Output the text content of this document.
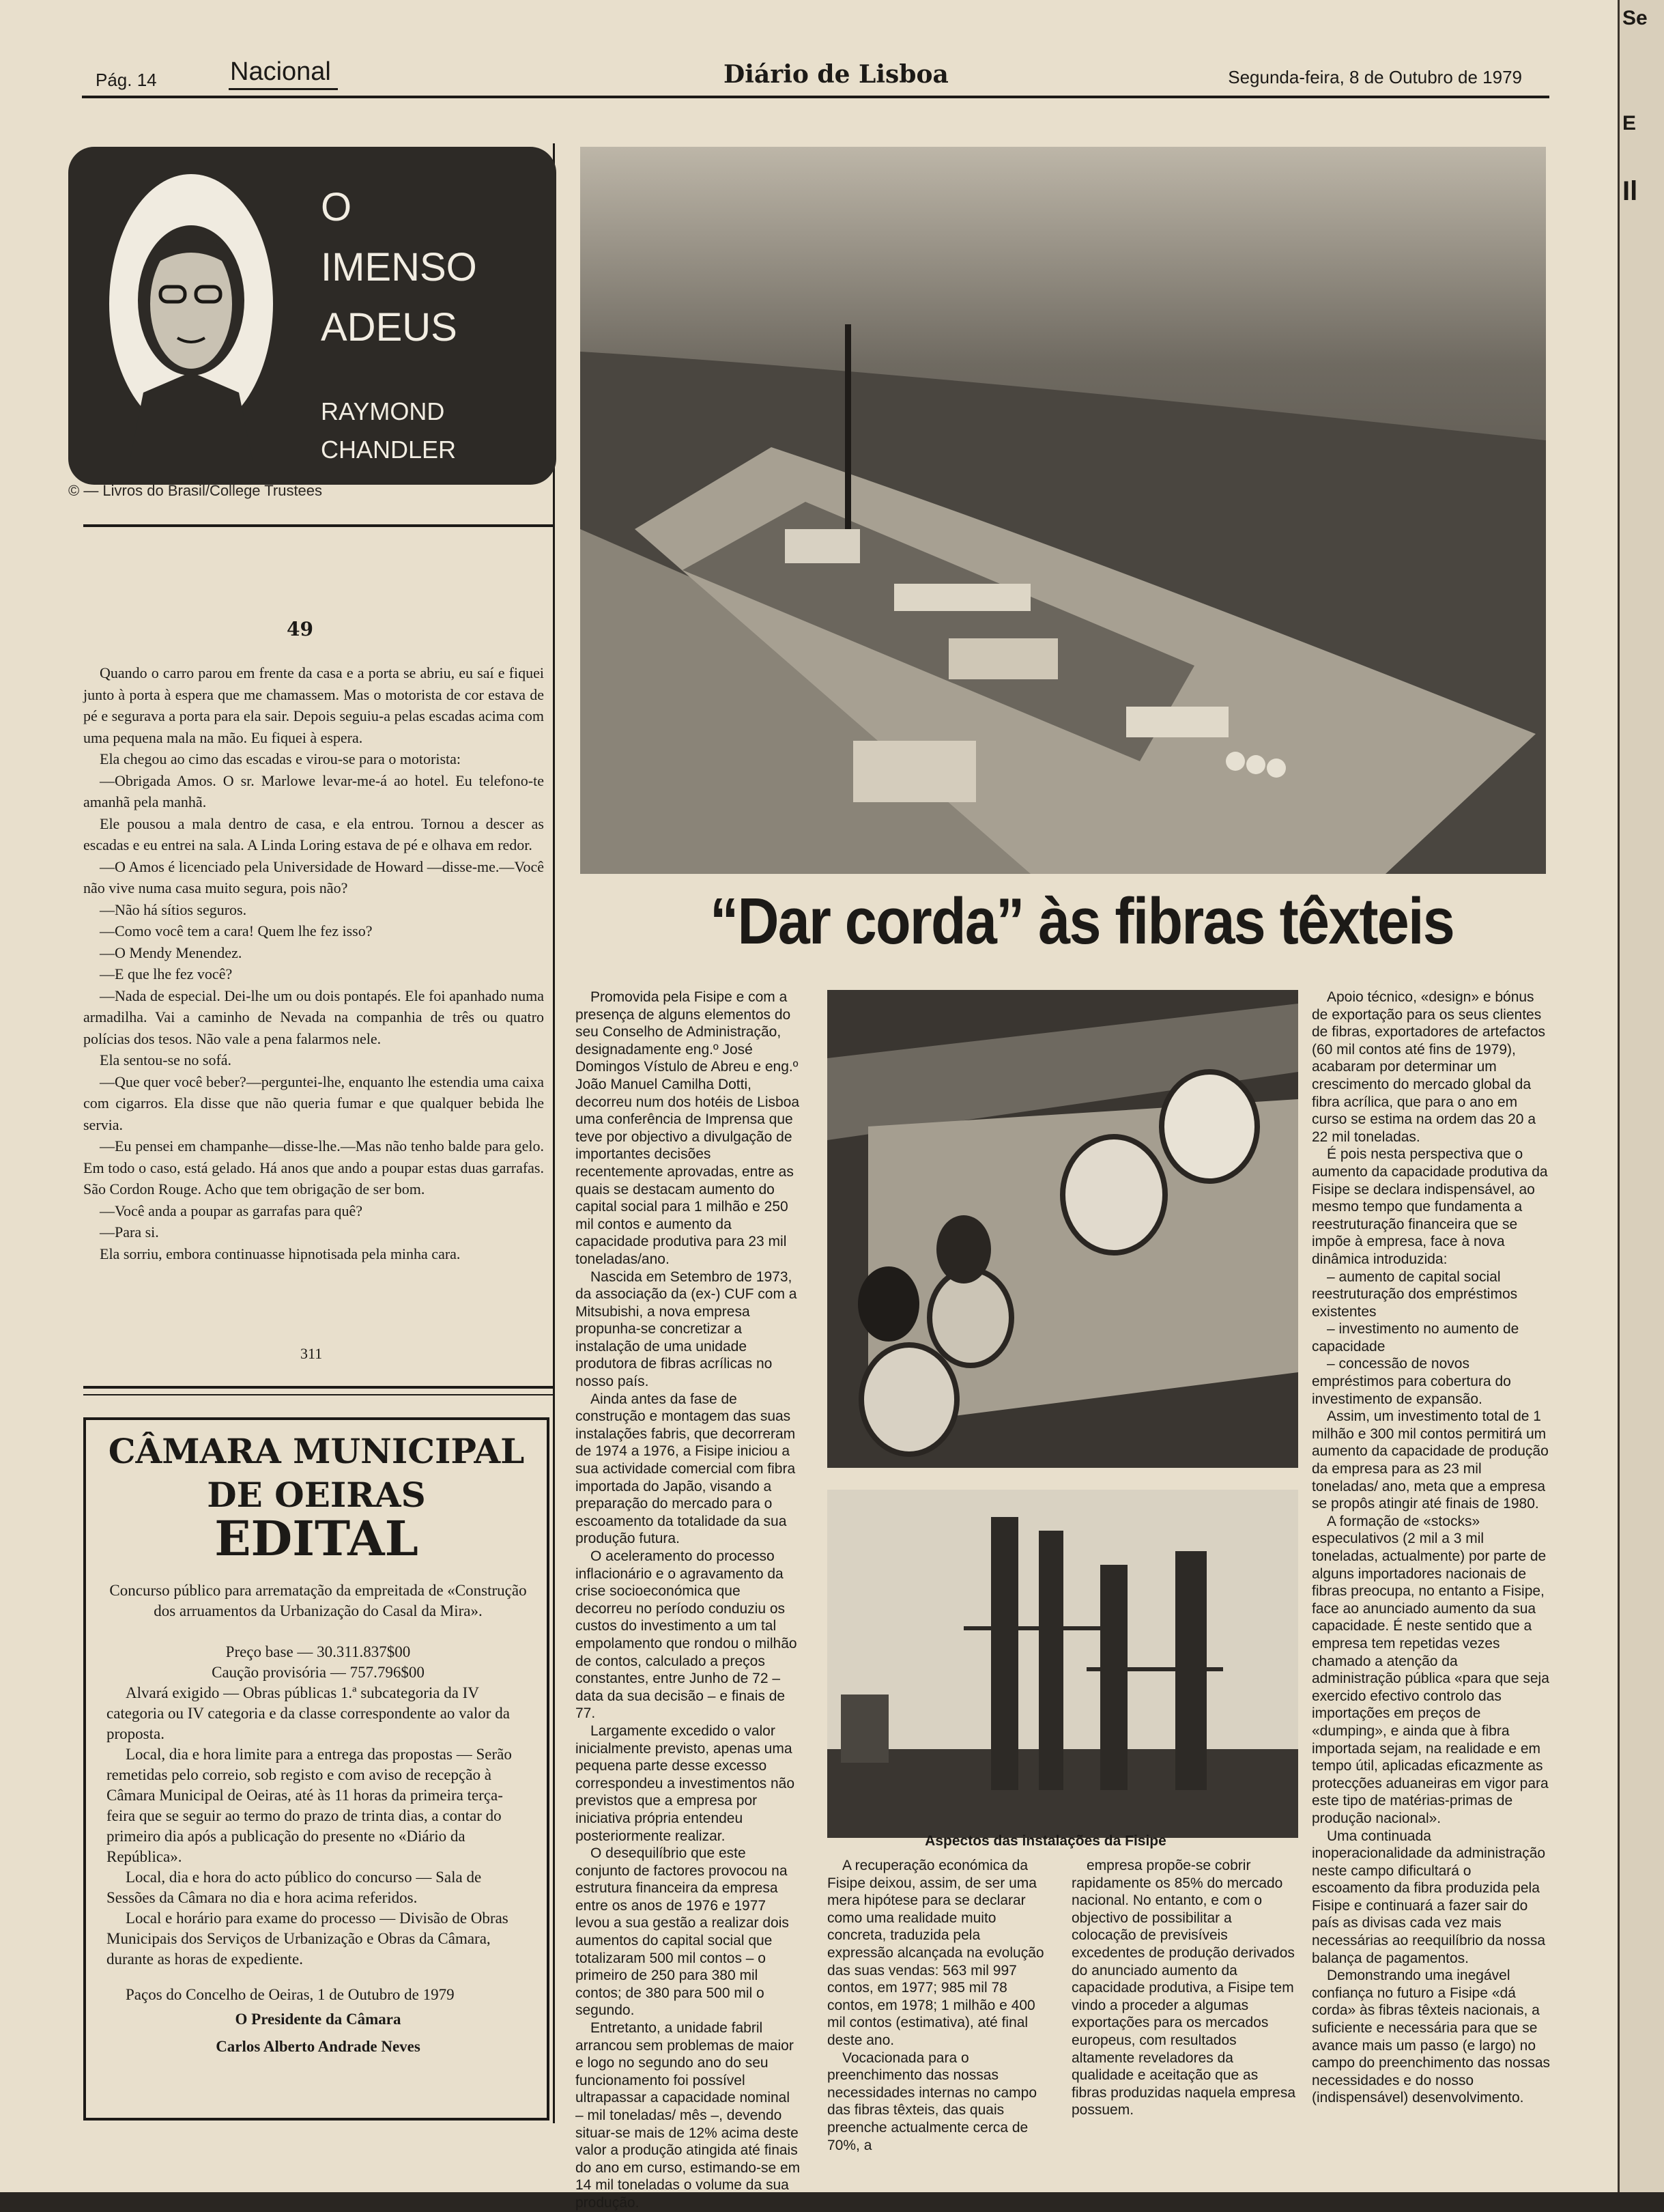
Pág. 14	Nacional	Diário de Lisboa	Segunda-feira, 8 de Outubro de 1979
O
IMENSO
ADEUS
RAYMOND
CHANDLER
© — Livros do Brasil/College Trustees
49

Quando o carro parou em frente da casa e a porta se abriu, eu saí e fiquei junto à porta à espera que me chamassem. Mas o motorista de cor estava de pé e segurava a porta para ela sair. Depois seguiu-a pelas escadas acima com uma pequena mala na mão. Eu fiquei à espera.

Ela chegou ao cimo das escadas e virou-se para o motorista:

—Obrigada Amos. O sr. Marlowe levar-me-á ao hotel. Eu telefono-te amanhã pela manhã.

Ele pousou a mala dentro de casa, e ela entrou. Tornou a descer as escadas e eu entrei na sala. A Linda Loring estava de pé e olhava em redor.

—O Amos é licenciado pela Universidade de Howard —disse-me.—Você não vive numa casa muito segura, pois não?

—Não há sítios seguros.

—Como você tem a cara! Quem lhe fez isso?

—O Mendy Menendez.

—E que lhe fez você?

—Nada de especial. Dei-lhe um ou dois pontapés. Ele foi apanhado numa armadilha. Vai a caminho de Nevada na companhia de três ou quatro polícias dos tesos. Não vale a pena falarmos nele.

Ela sentou-se no sofá.

—Que quer você beber?—perguntei-lhe, enquanto lhe estendia uma caixa com cigarros. Ela disse que não queria fumar e que qualquer bebida lhe servia.

—Eu pensei em champanhe—disse-lhe.—Mas não tenho balde para gelo. Em todo o caso, está gelado. Há anos que ando a poupar estas duas garrafas. São Cordon Rouge. Acho que tem obrigação de ser bom.

—Você anda a poupar as garrafas para quê?

—Para si.

Ela sorriu, embora continuasse hipnotisada pela minha cara.

311
CÂMARA MUNICIPAL
DE OEIRAS
EDITAL

Concurso público para arrematação da empreitada de «Construção dos arruamentos da Urbanização do Casal da Mira».

Preço base — 30.311.837$00

Caução provisória — 757.796$00

Alvará exigido — Obras públicas 1.ª subcategoria da IV categoria ou IV categoria e da classe correspondente ao valor da proposta.

Local, dia e hora limite para a entrega das propostas — Serão remetidas pelo correio, sob registo e com aviso de recepção à Câmara Municipal de Oeiras, até às 11 horas da primeira terça-feira que se seguir ao termo do prazo de trinta dias, a contar do primeiro dia após a publicação do presente no «Diário da República».

Local, dia e hora do acto público do concurso — Sala de Sessões da Câmara no dia e hora acima referidos.

Local e horário para exame do processo — Divisão de Obras Municipais dos Serviços de Urbanização e Obras da Câmara, durante as horas de expediente.

Paços do Concelho de Oeiras, 1 de Outubro de 1979

O Presidente da Câmara

Carlos Alberto Andrade Neves

“Dar corda” às fibras têxteis
Aspectos das instalações da Fisipe

Promovida pela Fisipe e com a presença de alguns elementos do seu Conselho de Administração, designadamente eng.º José Domingos Vístulo de Abreu e eng.º João Manuel Camilha Dotti, decorreu num dos hotéis de Lisboa uma conferência de Imprensa que teve por objectivo a divulgação de importantes decisões recentemente aprovadas, entre as quais se destacam aumento do capital social para 1 milhão e 250 mil contos e aumento da capacidade produtiva para 23 mil toneladas/ano.

Nascida em Setembro de 1973, da associação da (ex-) CUF com a Mitsubishi, a nova empresa propunha-se concretizar a instalação de uma unidade produtora de fibras acrílicas no nosso país.

Ainda antes da fase de construção e montagem das suas instalações fabris, que decorreram de 1974 a 1976, a Fisipe iniciou a sua actividade comercial com fibra importada do Japão, visando a preparação do mercado para o escoamento da totalidade da sua produção futura.

O aceleramento do processo inflacionário e o agravamento da crise socioeconómica que decorreu no período conduziu os custos do investimento a um tal empolamento que rondou o milhão de contos, calculado a preços constantes, entre Junho de 72 – data da sua decisão – e finais de 77.

Largamente excedido o valor inicialmente previsto, apenas uma pequena parte desse excesso correspondeu a investimentos não previstos que a empresa por iniciativa própria entendeu posteriormente realizar.

O desequilíbrio que este conjunto de factores provocou na estrutura financeira da empresa entre os anos de 1976 e 1977 levou a sua gestão a realizar dois aumentos do capital social que totalizaram 500 mil contos – o primeiro de 250 para 380 mil contos; de 380 para 500 mil o segundo.

Entretanto, a unidade fabril arrancou sem problemas de maior e logo no segundo ano do seu funcionamento foi possível ultrapassar a capacidade nominal – mil toneladas/ mês –, devendo situar-se mais de 12% acima deste valor a produção atingida até finais do ano em curso, estimando-se em 14 mil toneladas o volume da sua produção.

A recuperação económica da Fisipe deixou, assim, de ser uma mera hipótese para se declarar como uma realidade muito concreta, traduzida pela expressão alcançada na evolução das suas vendas: 563 mil 997 contos, em 1977; 985 mil 78 contos, em 1978; 1 milhão e 400 mil contos (estimativa), até final deste ano.

Vocacionada para o preenchimento das nossas necessidades internas no campo das fibras têxteis, das quais preenche actualmente cerca de 70%, a

empresa propõe-se cobrir rapidamente os 85% do mercado nacional. No entanto, e com o objectivo de possibilitar a colocação de previsíveis excedentes de produção derivados do anunciado aumento da capacidade produtiva, a Fisipe tem vindo a proceder a algumas exportações para os mercados europeus, com resultados altamente reveladores da qualidade e aceitação que as fibras produzidas naquela empresa possuem.

Apoio técnico, «design» e bónus de exportação para os seus clientes de fibras, exportadores de artefactos (60 mil contos até fins de 1979), acabaram por determinar um crescimento do mercado global da fibra acrílica, que para o ano em curso se estima na ordem das 20 a 22 mil toneladas.

É pois nesta perspectiva que o aumento da capacidade produtiva da Fisipe se declara indispensável, ao mesmo tempo que fundamenta a reestruturação financeira que se impõe à empresa, face à nova dinâmica introduzida:

– aumento de capital social reestruturação dos empréstimos existentes

– investimento no aumento de capacidade

– concessão de novos empréstimos para cobertura do investimento de expansão.

Assim, um investimento total de 1 milhão e 300 mil contos permitirá um aumento da capacidade de produção da empresa para as 23 mil toneladas/ ano, meta que a empresa se propôs atingir até finais de 1980.

A formação de «stocks» especulativos (2 mil a 3 mil toneladas, actualmente) por parte de alguns importadores nacionais de fibras preocupa, no entanto a Fisipe, face ao anunciado aumento da sua capacidade. É neste sentido que a empresa tem repetidas vezes chamado a atenção da administração pública «para que seja exercido efectivo controlo das importações em preços de «dumping», e ainda que à fibra importada sejam, na realidade e em tempo útil, aplicadas eficazmente as protecções aduaneiras em vigor para este tipo de matérias-primas de produção nacional».

Uma continuada inoperacionalidade da administração neste campo dificultará o escoamento da fibra produzida pela Fisipe e continuará a fazer sair do país as divisas cada vez mais necessárias ao reequilíbrio da nossa balança de pagamentos.

Demonstrando uma inegável confiança no futuro a Fisipe «dá corda» às fibras têxteis nacionais, a suficiente e necessária para que se avance mais um passo (e largo) no campo do preenchimento das nossas necessidades e do nosso (indispensável) desenvolvimento.

Se
E
Il
